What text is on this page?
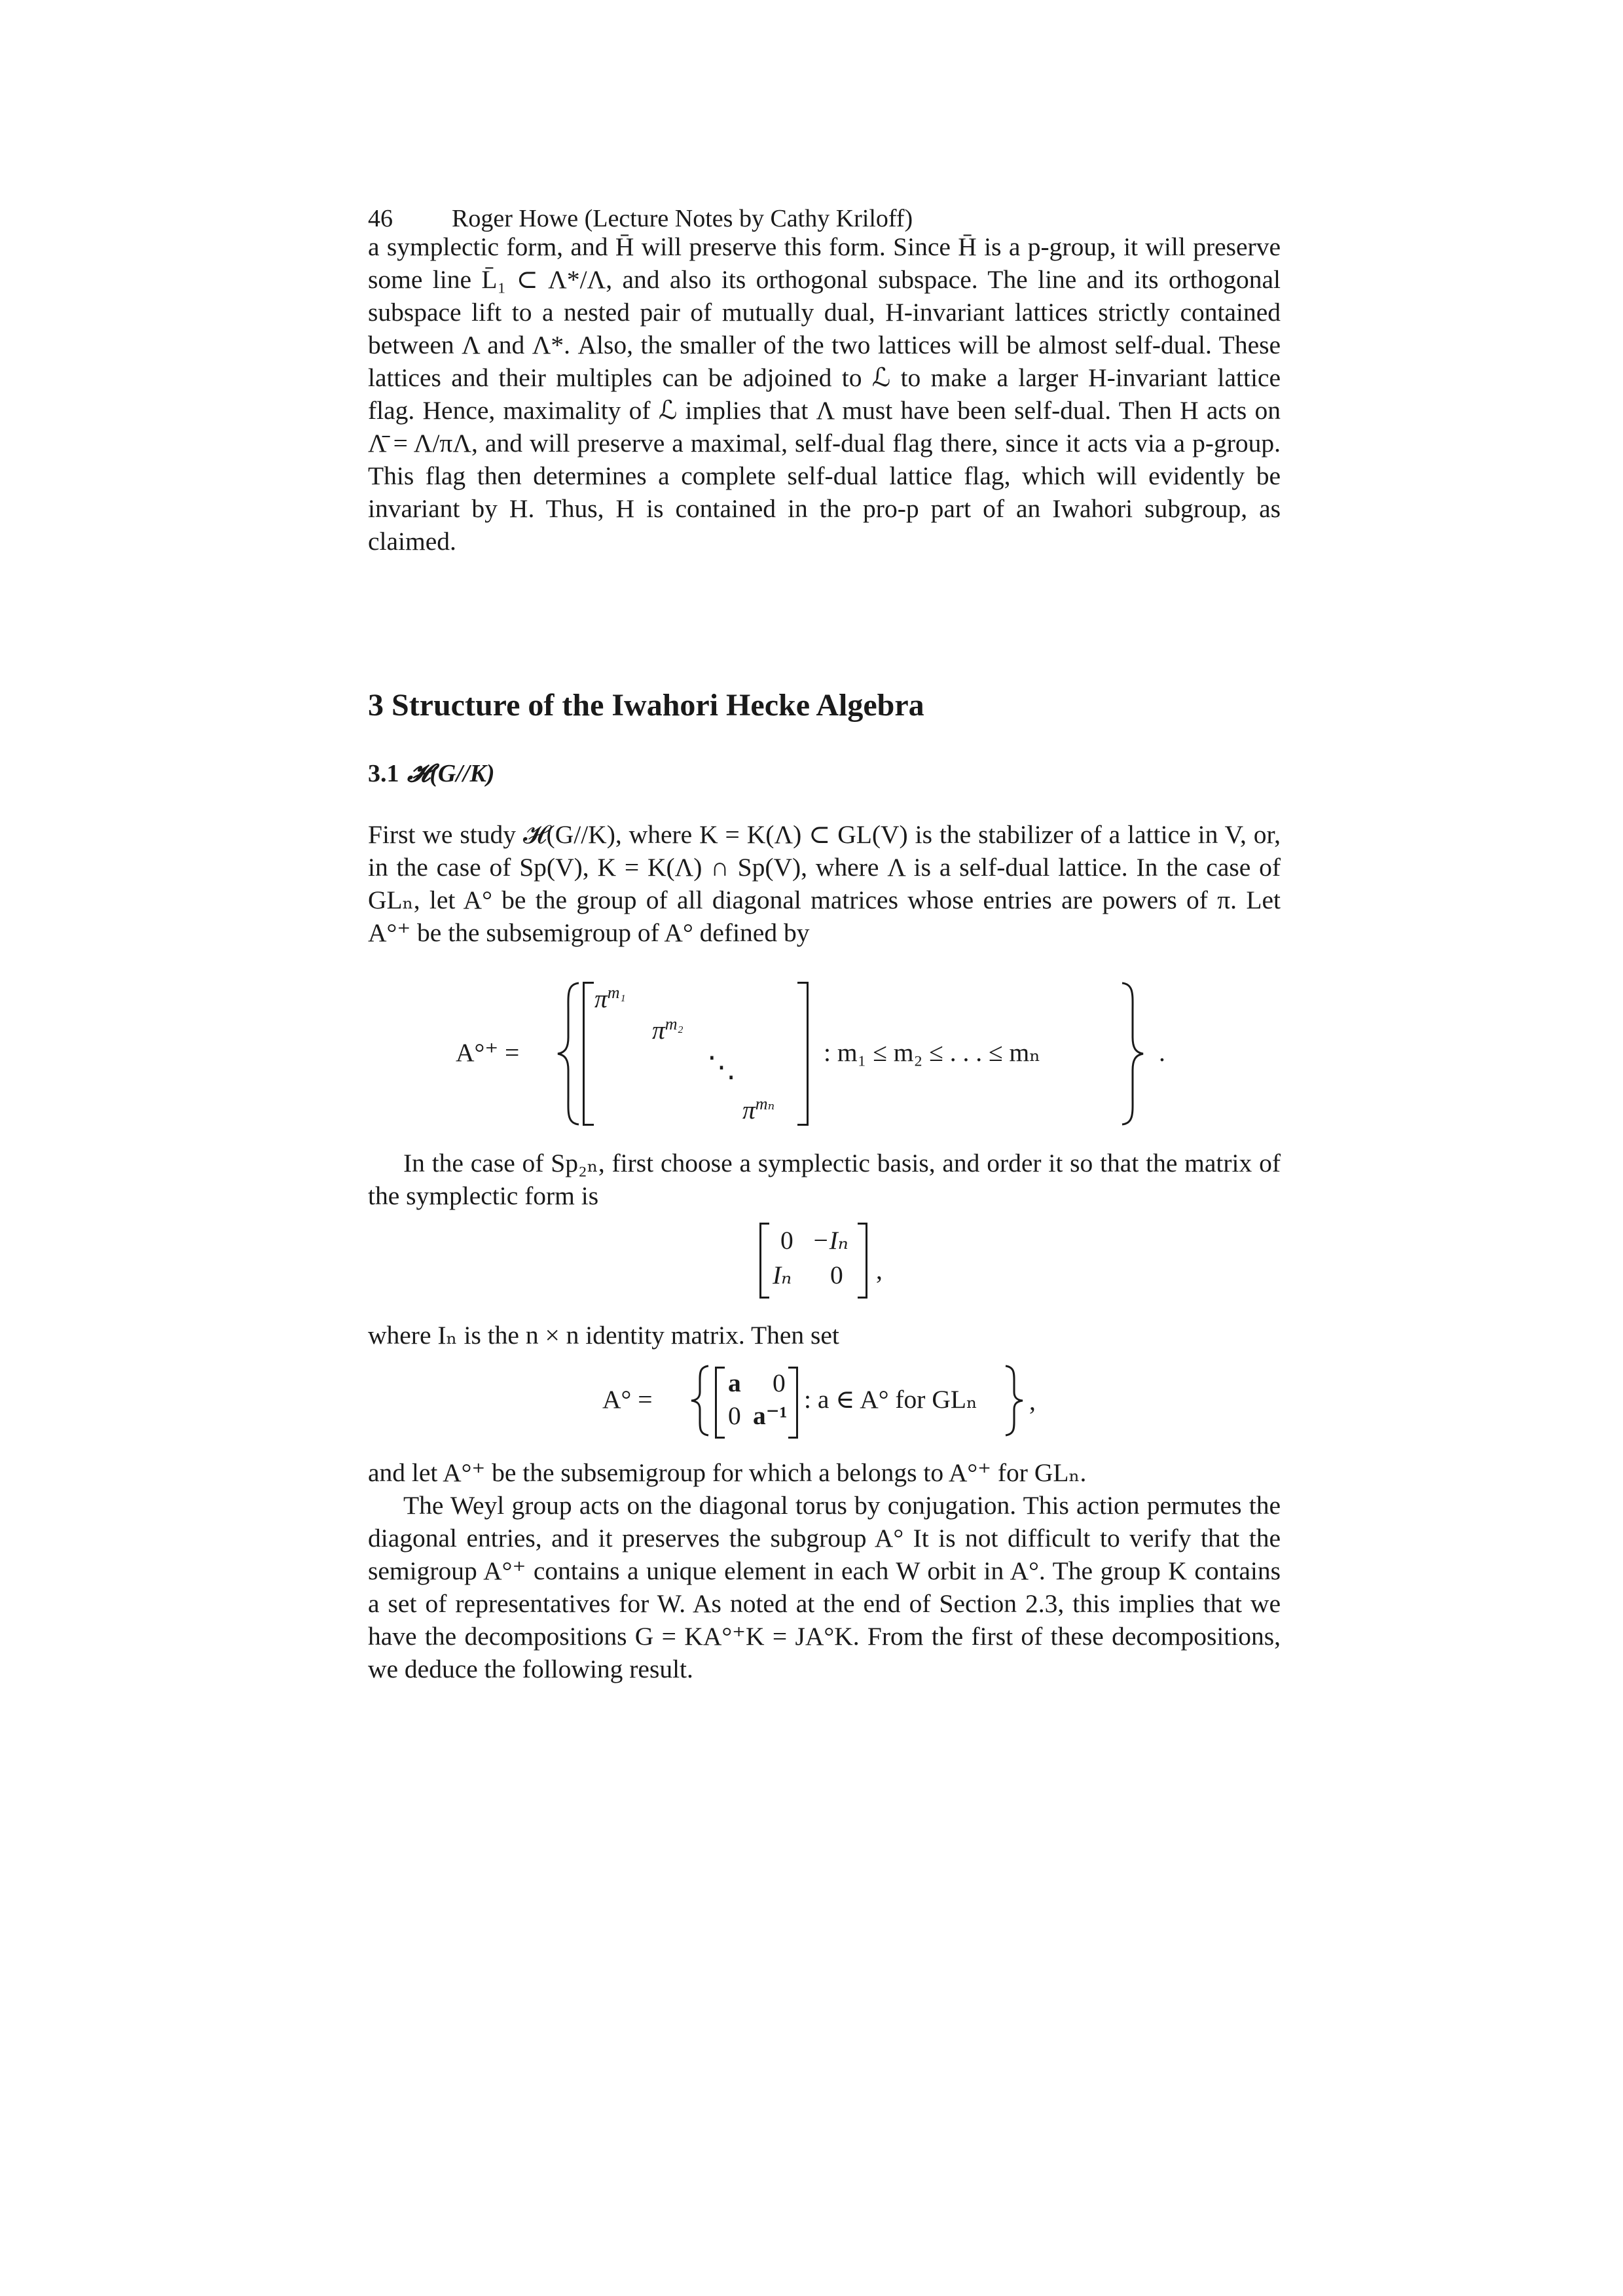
46 Roger Howe (Lecture Notes by Cathy Kriloff)

a symplectic form, and H̄ will preserve this form. Since H̄ is a p-group, it will preserve some line L̄₁ ⊂ Λ*/Λ, and also its orthogonal subspace. The line and its orthogonal subspace lift to a nested pair of mutually dual, H-invariant lattices strictly contained between Λ and Λ*. Also, the smaller of the two lattices will be almost self-dual. These lattices and their multiples can be adjoined to ℒ to make a larger H-invariant lattice flag. Hence, maximality of ℒ implies that Λ must have been self-dual. Then H acts on Λ̄ = Λ/πΛ, and will preserve a maximal, self-dual flag there, since it acts via a p-group. This flag then determines a complete self-dual lattice flag, which will evidently be invariant by H. Thus, H is contained in the pro-p part of an Iwahori subgroup, as claimed.

3 Structure of the Iwahori Hecke Algebra
3.1 𝓗(G//K)

First we study 𝓗(G//K), where K = K(Λ) ⊂ GL(V) is the stabilizer of a lattice in V, or, in the case of Sp(V), K = K(Λ) ∩ Sp(V), where Λ is a self-dual lattice. In the case of GLₙ, let A° be the group of all diagonal matrices whose entries are powers of π. Let A°⁺ be the subsemigroup of A° defined by

A°⁺ =
$\pi^{m_1}$
$\pi^{m_2}$
⋱
$\pi^{m_n}$
: m₁ ≤ m₂ ≤ . . . ≤ mₙ	.

In the case of Sp₂ₙ, first choose a symplectic basis, and order it so that the matrix of the symplectic form is

0 −Iₙ
Iₙ 0 ,

where Iₙ is the n × n identity matrix. Then set

A° =
a 0
0 a⁻¹
: a ∈ A° for GLₙ ,

and let A°⁺ be the subsemigroup for which a belongs to A°⁺ for GLₙ.

The Weyl group acts on the diagonal torus by conjugation. This action permutes the diagonal entries, and it preserves the subgroup A° It is not difficult to verify that the semigroup A°⁺ contains a unique element in each W orbit in A°. The group K contains a set of representatives for W. As noted at the end of Section 2.3, this implies that we have the decompositions G = KA°⁺K = JA°K. From the first of these decompositions, we deduce the following result.
